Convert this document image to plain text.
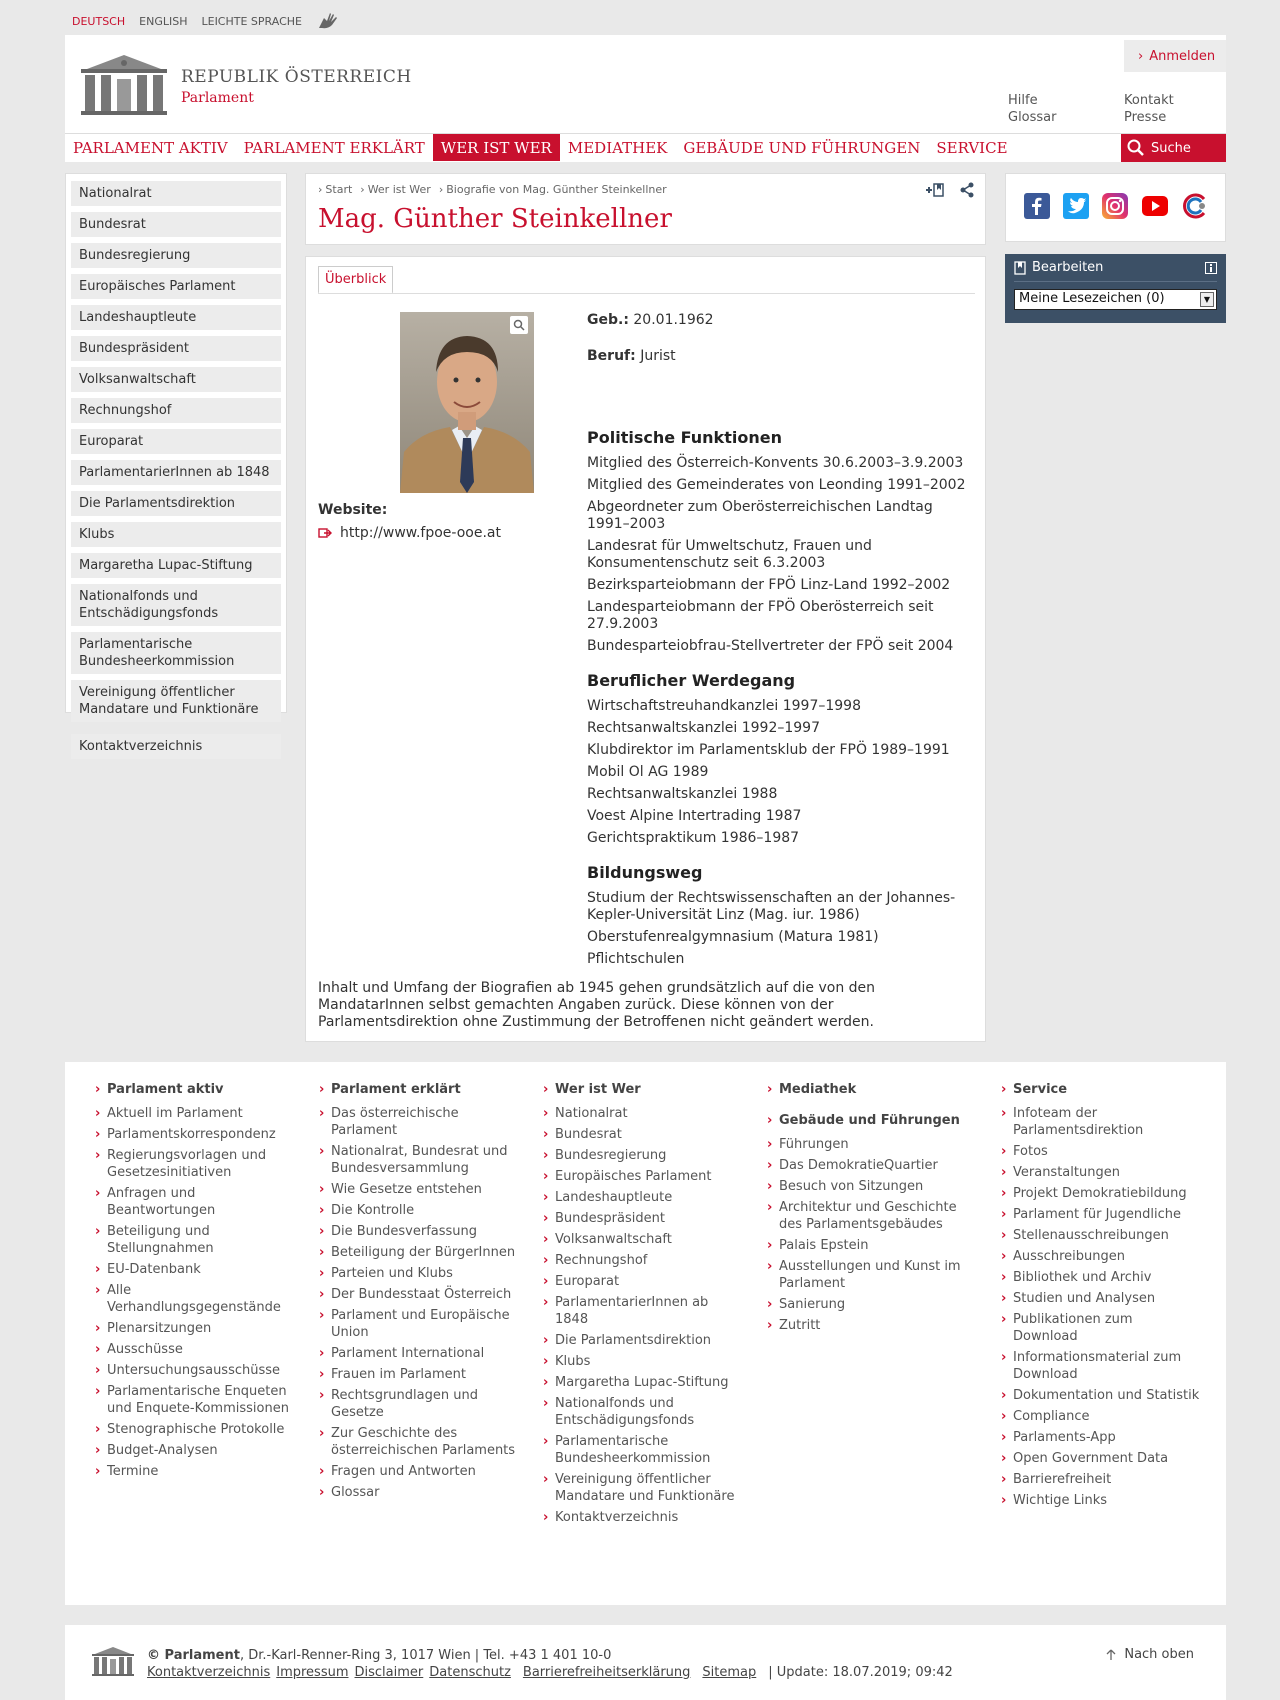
DEUTSCH ENGLISH LEICHTE SPRACHE
REPUBLIK ÖSTERREICH
Parlament
› Anmelden
Hilfe
Glossar
Kontakt
Presse
PARLAMENT AKTIV	PARLAMENT ERKLÄRT	WER IST WER	MEDIATHEK	GEBÄUDE UND FÜHRUNGEN	SERVICE	Suche
Nationalrat
Bundesrat
Bundesregierung
Europäisches Parlament
Landeshauptleute
Bundespräsident
Volksanwaltschaft
Rechnungshof
Europarat
ParlamentarierInnen ab 1848
Die Parlamentsdirektion
Klubs
Margaretha Lupac-Stiftung
Nationalfonds und Entschädigungsfonds
Parlamentarische Bundesheerkommission
Vereinigung öffentlicher Mandatare und Funktionäre
Kontaktverzeichnis
› Start	› Wer ist Wer	› Biografie von Mag. Günther Steinkellner
Mag. Günther Steinkellner
Überblick
Website:
http://www.fpoe-ooe.at
Geb.: 20.01.1962
Beruf: Jurist
Politische Funktionen
Mitglied des Österreich-Konvents 30.6.2003–3.9.2003
Mitglied des Gemeinderates von Leonding 1991–2002
Abgeordneter zum Oberösterreichischen Landtag 1991–2003
Landesrat für Umweltschutz, Frauen und Konsumentenschutz seit 6.3.2003
Bezirksparteiobmann der FPÖ Linz-Land 1992–2002
Landesparteiobmann der FPÖ Oberösterreich seit 27.9.2003
Bundesparteiobfrau-Stellvertreter der FPÖ seit 2004
Beruflicher Werdegang
Wirtschaftstreuhandkanzlei 1997–1998
Rechtsanwaltskanzlei 1992–1997
Klubdirektor im Parlamentsklub der FPÖ 1989–1991
Mobil Ol AG 1989
Rechtsanwaltskanzlei 1988
Voest Alpine Intertrading 1987
Gerichtspraktikum 1986–1987
Bildungsweg
Studium der Rechtswissenschaften an der Johannes-Kepler-Universität Linz (Mag. iur. 1986)
Oberstufenrealgymnasium (Matura 1981)
Pflichtschulen
Inhalt und Umfang der Biografien ab 1945 gehen grundsätzlich auf die von den MandatarInnen selbst gemachten Angaben zurück. Diese können von der Parlamentsdirektion ohne Zustimmung der Betroffenen nicht geändert werden.
Bearbeiten
Meine Lesezeichen (0)	▼
› Parlament aktiv
› Aktuell im Parlament
› Parlamentskorrespondenz
› Regierungsvorlagen und Gesetzesinitiativen
› Anfragen und Beantwortungen
› Beteiligung und Stellungnahmen
› EU-Datenbank
› Alle Verhandlungsgegenstände
› Plenarsitzungen
› Ausschüsse
› Untersuchungsausschüsse
› Parlamentarische Enqueten und Enquete-Kommissionen
› Stenographische Protokolle
› Budget-Analysen
› Termine
› Parlament erklärt
› Das österreichische Parlament
› Nationalrat, Bundesrat und Bundesversammlung
› Wie Gesetze entstehen
› Die Kontrolle
› Die Bundesverfassung
› Beteiligung der BürgerInnen
› Parteien und Klubs
› Der Bundesstaat Österreich
› Parlament und Europäische Union
› Parlament International
› Frauen im Parlament
› Rechtsgrundlagen und Gesetze
› Zur Geschichte des österreichischen Parlaments
› Fragen und Antworten
› Glossar
› Wer ist Wer
› Nationalrat
› Bundesrat
› Bundesregierung
› Europäisches Parlament
› Landeshauptleute
› Bundespräsident
› Volksanwaltschaft
› Rechnungshof
› Europarat
› ParlamentarierInnen ab 1848
› Die Parlamentsdirektion
› Klubs
› Margaretha Lupac-Stiftung
› Nationalfonds und Entschädigungsfonds
› Parlamentarische Bundesheerkommission
› Vereinigung öffentlicher Mandatare und Funktionäre
› Kontaktverzeichnis
› Mediathek
› Gebäude und Führungen
› Führungen
› Das DemokratieQuartier
› Besuch von Sitzungen
› Architektur und Geschichte des Parlamentsgebäudes
› Palais Epstein
› Ausstellungen und Kunst im Parlament
› Sanierung
› Zutritt
› Service
› Infoteam der Parlamentsdirektion
› Fotos
› Veranstaltungen
› Projekt Demokratiebildung
› Parlament für Jugendliche
› Stellenausschreibungen
› Ausschreibungen
› Bibliothek und Archiv
› Studien und Analysen
› Publikationen zum Download
› Informationsmaterial zum Download
› Dokumentation und Statistik
› Compliance
› Parlaments-App
› Open Government Data
› Barrierefreiheit
› Wichtige Links
© Parlament, Dr.-Karl-Renner-Ring 3, 1017 Wien | Tel. +43 1 401 10-0
Kontaktverzeichnis Impressum Disclaimer Datenschutz Barrierefreiheitserklärung Sitemap | Update: 18.07.2019; 09:42
Nach oben
